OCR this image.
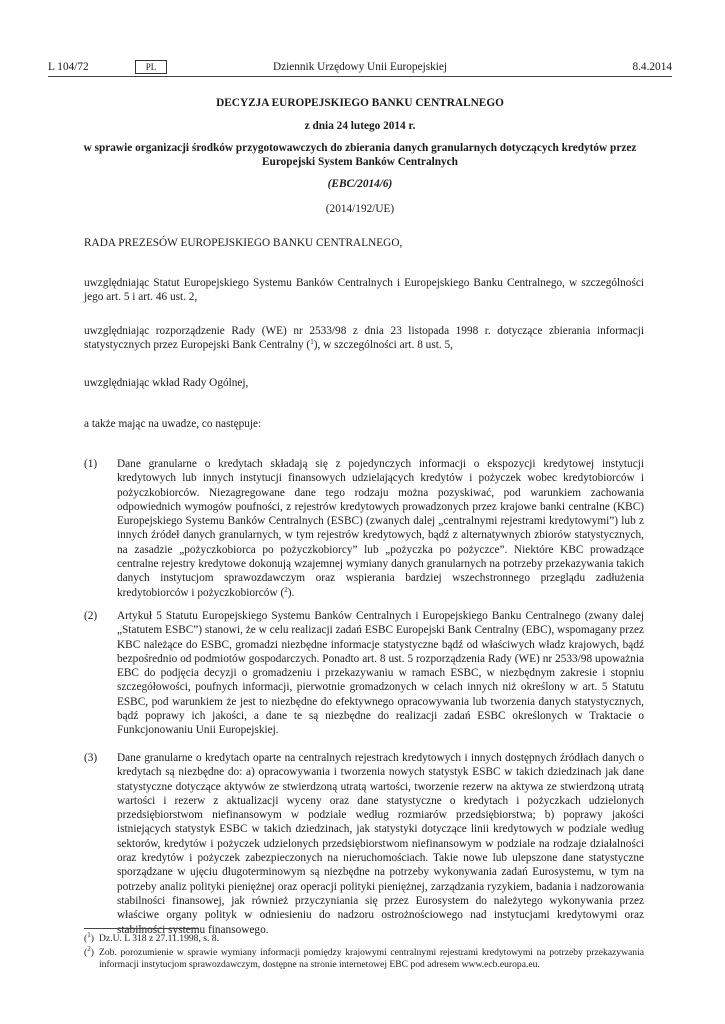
L 104/72	PL	Dziennik Urzędowy Unii Europejskiej	8.4.2014

DECYZJA EUROPEJSKIEGO BANKU CENTRALNEGO

z dnia 24 lutego 2014 r.

w sprawie organizacji środków przygotowawczych do zbierania danych granularnych dotyczących kredytów przez Europejski System Banków Centralnych

(EBC/2014/6)

(2014/192/UE)

RADA PREZESÓW EUROPEJSKIEGO BANKU CENTRALNEGO,

uwzględniając Statut Europejskiego Systemu Banków Centralnych i Europejskiego Banku Centralnego, w szczególności jego art. 5 i art. 46 ust. 2,

uwzględniając rozporządzenie Rady (WE) nr 2533/98 z dnia 23 listopada 1998 r. dotyczące zbierania informacji statystycznych przez Europejski Bank Centralny ($^1$), w szczególności art. 8 ust. 5,

uwzględniając wkład Rady Ogólnej,

a także mając na uwadze, co następuje:

(1) Dane granularne o kredytach składają się z pojedynczych informacji o ekspozycji kredytowej instytucji kredytowych lub innych instytucji finansowych udzielających kredytów i pożyczek wobec kredytobiorców i pożyczkobiorców. Niezagregowane dane tego rodzaju można pozyskiwać, pod warunkiem zachowania odpowiednich wymogów poufności, z rejestrów kredytowych prowadzonych przez krajowe banki centralne (KBC) Europejskiego Systemu Banków Centralnych (ESBC) (zwanych dalej „centralnymi rejestrami kredytowymi”) lub z innych źródeł danych granularnych, w tym rejestrów kredytowych, bądź z alternatywnych zbiorów statystycznych, na zasadzie „pożyczkobiorca po pożyczkobiorcy” lub „pożyczka po pożyczce”. Niektóre KBC prowadzące centralne rejestry kredytowe dokonują wzajemnej wymiany danych granularnych na potrzeby przekazywania takich danych instytucjom sprawozdawczym oraz wspierania bardziej wszechstronnego przeglądu zadłużenia kredytobiorców i pożyczkobiorców ($^2$).

(2) Artykuł 5 Statutu Europejskiego Systemu Banków Centralnych i Europejskiego Banku Centralnego (zwany dalej „Statutem ESBC”) stanowi, że w celu realizacji zadań ESBC Europejski Bank Centralny (EBC), wspomagany przez KBC należące do ESBC, gromadzi niezbędne informacje statystyczne bądź od właściwych władz krajowych, bądź bezpośrednio od podmiotów gospodarczych. Ponadto art. 8 ust. 5 rozporządzenia Rady (WE) nr 2533/98 upoważnia EBC do podjęcia decyzji o gromadzeniu i przekazywaniu w ramach ESBC, w niezbędnym zakresie i stopniu szczegółowości, poufnych informacji, pierwotnie gromadzonych w celach innych niż określony w art. 5 Statutu ESBC, pod warunkiem że jest to niezbędne do efektywnego opracowywania lub tworzenia danych statystycznych, bądź poprawy ich jakości, a dane te są niezbędne do realizacji zadań ESBC określonych w Traktacie o Funkcjonowaniu Unii Europejskiej.

(3) Dane granularne o kredytach oparte na centralnych rejestrach kredytowych i innych dostępnych źródłach danych o kredytach są niezbędne do: a) opracowywania i tworzenia nowych statystyk ESBC w takich dziedzinach jak dane statystyczne dotyczące aktywów ze stwierdzoną utratą wartości, tworzenie rezerw na aktywa ze stwierdzoną utratą wartości i rezerw z aktualizacji wyceny oraz dane statystyczne o kredytach i pożyczkach udzielonych przedsiębiorstwom niefinansowym w podziale według rozmiarów przedsiębiorstwa; b) poprawy jakości istniejących statystyk ESBC w takich dziedzinach, jak statystyki dotyczące linii kredytowych w podziale według sektorów, kredytów i pożyczek udzielonych przedsiębiorstwom niefinansowym w podziale na rodzaje działalności oraz kredytów i pożyczek zabezpieczonych na nieruchomościach. Takie nowe lub ulepszone dane statystyczne sporządzane w ujęciu długoterminowym są niezbędne na potrzeby wykonywania zadań Eurosystemu, w tym na potrzeby analiz polityki pieniężnej oraz operacji polityki pieniężnej, zarządzania ryzykiem, badania i nadzorowania stabilności finansowej, jak również przyczyniania się przez Eurosystem do należytego wykonywania przez właściwe organy polityk w odniesieniu do nadzoru ostrożnościowego nad instytucjami kredytowymi oraz stabilności systemu finansowego.

($^1$) Dz.U. L 318 z 27.11.1998, s. 8.
($^2$) Zob. porozumienie w sprawie wymiany informacji pomiędzy krajowymi centralnymi rejestrami kredytowymi na potrzeby przekazywania informacji instytucjom sprawozdawczym, dostępne na stronie internetowej EBC pod adresem www.ecb.europa.eu.
